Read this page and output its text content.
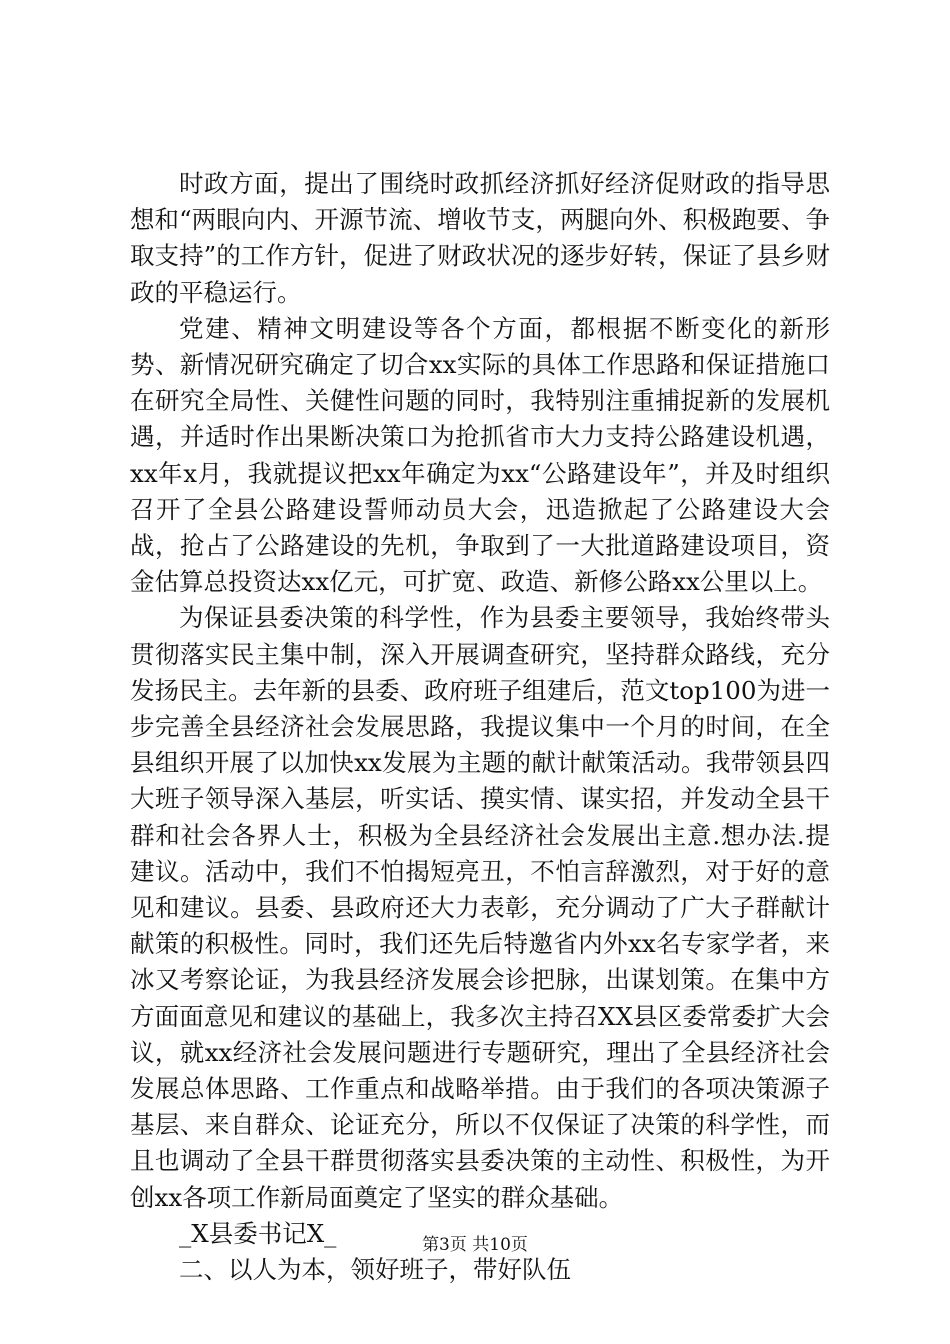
时政方面，提出了围绕时政抓经济抓好经济促财政的指导思想和“两眼向内、开源节流、增收节支，两腿向外、积极跑要、争取支持”的工作方针，促进了财政状况的逐步好转，保证了县乡财政的平稳运行。

党建、精神文明建设等各个方面，都根据不断变化的新形势、新情况研究确定了切合xx实际的具体工作思路和保证措施口在研究全局性、关健性问题的同时，我特别注重捕捉新的发展机遇，并适时作出果断决策口为抢抓省市大力支持公路建设机遇，xx年x月，我就提议把xx年确定为xx“公路建设年”，并及时组织召开了全县公路建设誓师动员大会，迅造掀起了公路建设大会战，抢占了公路建设的先机，争取到了一大批道路建设项目，资金估算总投资达xx亿元，可扩宽、政造、新修公路xx公里以上。

为保证县委决策的科学性，作为县委主要领导，我始终带头贯彻落实民主集中制，深入开展调查研究，坚持群众路线，充分发扬民主。去年新的县委、政府班子组建后，范文top100为进一步完善全县经济社会发展思路，我提议集中一个月的时间，在全县组织开展了以加快xx发展为主题的献计献策活动。我带领县四大班子领导深入基层，听实话、摸实情、谋实招，并发动全县干群和社会各界人士，积极为全县经济社会发展出主意.想办法.提建议。活动中，我们不怕揭短亮丑，不怕言辞激烈，对于好的意见和建议。县委、县政府还大力表彰，充分调动了广大子群献计献策的积极性。同时，我们还先后特邀省内外xx名专家学者，来冰又考察论证，为我县经济发展会诊把脉，出谋划策。在集中方方面面意见和建议的基础上，我多次主持召XX县区委常委扩大会议，就xx经济社会发展问题进行专题研究，理出了全县经济社会发展总体思路、工作重点和战略举措。由于我们的各项决策源子基层、来自群众、论证充分，所以不仅保证了决策的科学性，而且也调动了全县干群贯彻落实县委决策的主动性、积极性，为开创xx各项工作新局面奠定了坚实的群众基础。

_X县委书记X_

二、以人为本，领好班子，带好队伍

第3页 共10页
